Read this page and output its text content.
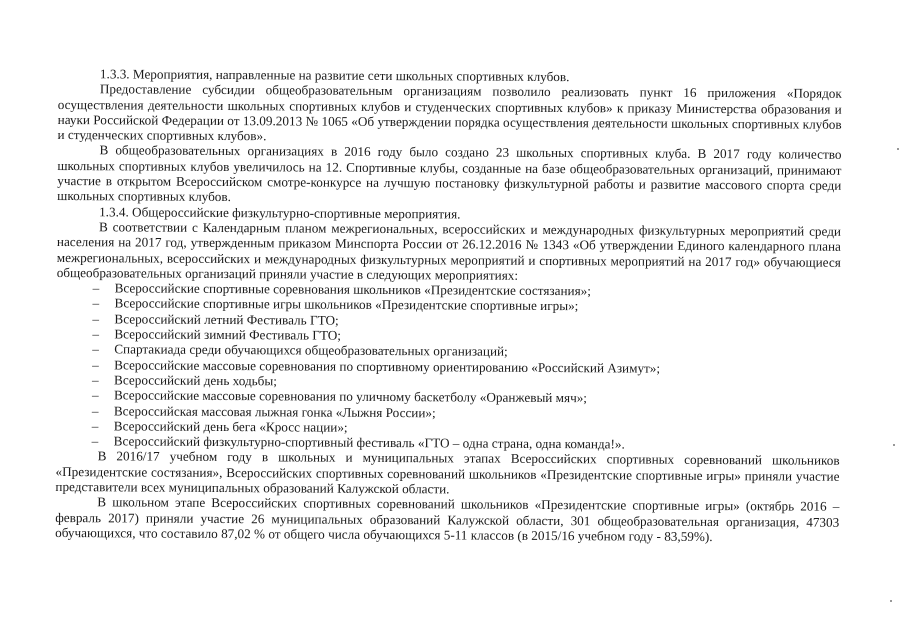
1.3.3. Мероприятия, направленные на развитие сети школьных спортивных клубов.

Предоставление субсидии общеобразовательным организациям позволило реализовать пункт 16 приложения «Порядок осуществления деятельности школьных спортивных клубов и студенческих спортивных клубов» к приказу Министерства образования и науки Российской Федерации от 13.09.2013 № 1065 «Об утверждении порядка осуществления деятельности школьных спортивных клубов и студенческих спортивных клубов».

В общеобразовательных организациях в 2016 году было создано 23 школьных спортивных клуба. В 2017 году количество школьных спортивных клубов увеличилось на 12. Спортивные клубы, созданные на базе общеобразовательных организаций, принимают участие в открытом Всероссийском смотре-конкурсе на лучшую постановку физкультурной работы и развитие массового спорта среди школьных спортивных клубов.

1.3.4. Общероссийские физкультурно-спортивные мероприятия.

В соответствии с Календарным планом межрегиональных, всероссийских и международных физкультурных мероприятий среди населения на 2017 год, утвержденным приказом Минспорта России от 26.12.2016 № 1343 «Об утверждении Единого календарного плана межрегиональных, всероссийских и международных физкультурных мероприятий и спортивных мероприятий на 2017 год» обучающиеся общеобразовательных организаций приняли участие в следующих мероприятиях:

– Всероссийские спортивные соревнования школьников «Президентские состязания»;
– Всероссийские спортивные игры школьников «Президентские спортивные игры»;
– Всероссийский летний Фестиваль ГТО;
– Всероссийский зимний Фестиваль ГТО;
– Спартакиада среди обучающихся общеобразовательных организаций;
– Всероссийские массовые соревнования по спортивному ориентированию «Российский Азимут»;
– Всероссийский день ходьбы;
– Всероссийские массовые соревнования по уличному баскетболу «Оранжевый мяч»;
– Всероссийская массовая лыжная гонка «Лыжня России»;
– Всероссийский день бега «Кросс нации»;
– Всероссийский физкультурно-спортивный фестиваль «ГТО – одна страна, одна команда!».

В 2016/17 учебном году в школьных и муниципальных этапах Всероссийских спортивных соревнований школьников «Президентские состязания», Всероссийских спортивных соревнований школьников «Президентские спортивные игры» приняли участие представители всех муниципальных образований Калужской области.

В школьном этапе Всероссийских спортивных соревнований школьников «Президентские спортивные игры» (октябрь 2016 – февраль 2017) приняли участие 26 муниципальных образований Калужской области, 301 общеобразовательная организация, 47303 обучающихся, что составило 87,02 % от общего числа обучающихся 5-11 классов (в 2015/16 учебном году - 83,59%).
